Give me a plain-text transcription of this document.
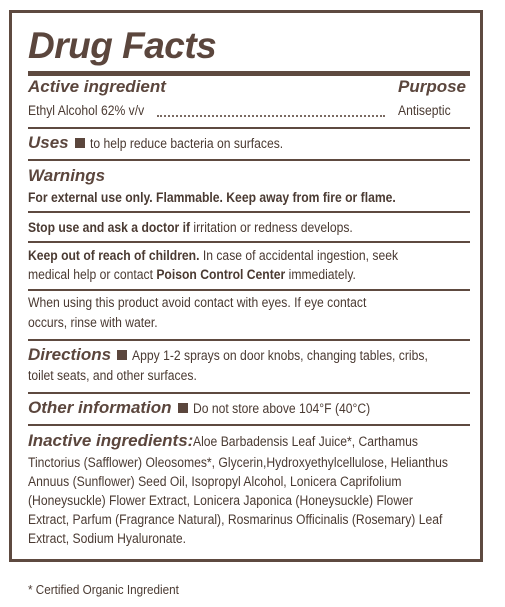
Drug Facts
Active ingredient	Purpose
Ethyl Alcohol 62% v/v	Antiseptic
Uses to help reduce bacteria on surfaces.
Warnings
For external use only. Flammable. Keep away from fire or flame.
Stop use and ask a doctor if irritation or redness develops.
Keep out of reach of children. In case of accidental ingestion, seek
medical help or contact Poison Control Center immediately.
When using this product avoid contact with eyes. If eye contact
occurs, rinse with water.
Directions Appy 1-2 sprays on door knobs, changing tables, cribs,
toilet seats, and other surfaces.
Other information Do not store above 104°F (40°C)
Inactive ingredients:Aloe Barbadensis Leaf Juice*, Carthamus
Tinctorius (Safflower) Oleosomes*, Glycerin,Hydroxyethylcellulose, Helianthus
Annuus (Sunflower) Seed Oil, Isopropyl Alcohol, Lonicera Caprifolium
(Honeysuckle) Flower Extract, Lonicera Japonica (Honeysuckle) Flower
Extract, Parfum (Fragrance Natural), Rosmarinus Officinalis (Rosemary) Leaf
Extract, Sodium Hyaluronate.
* Certified Organic Ingredient
